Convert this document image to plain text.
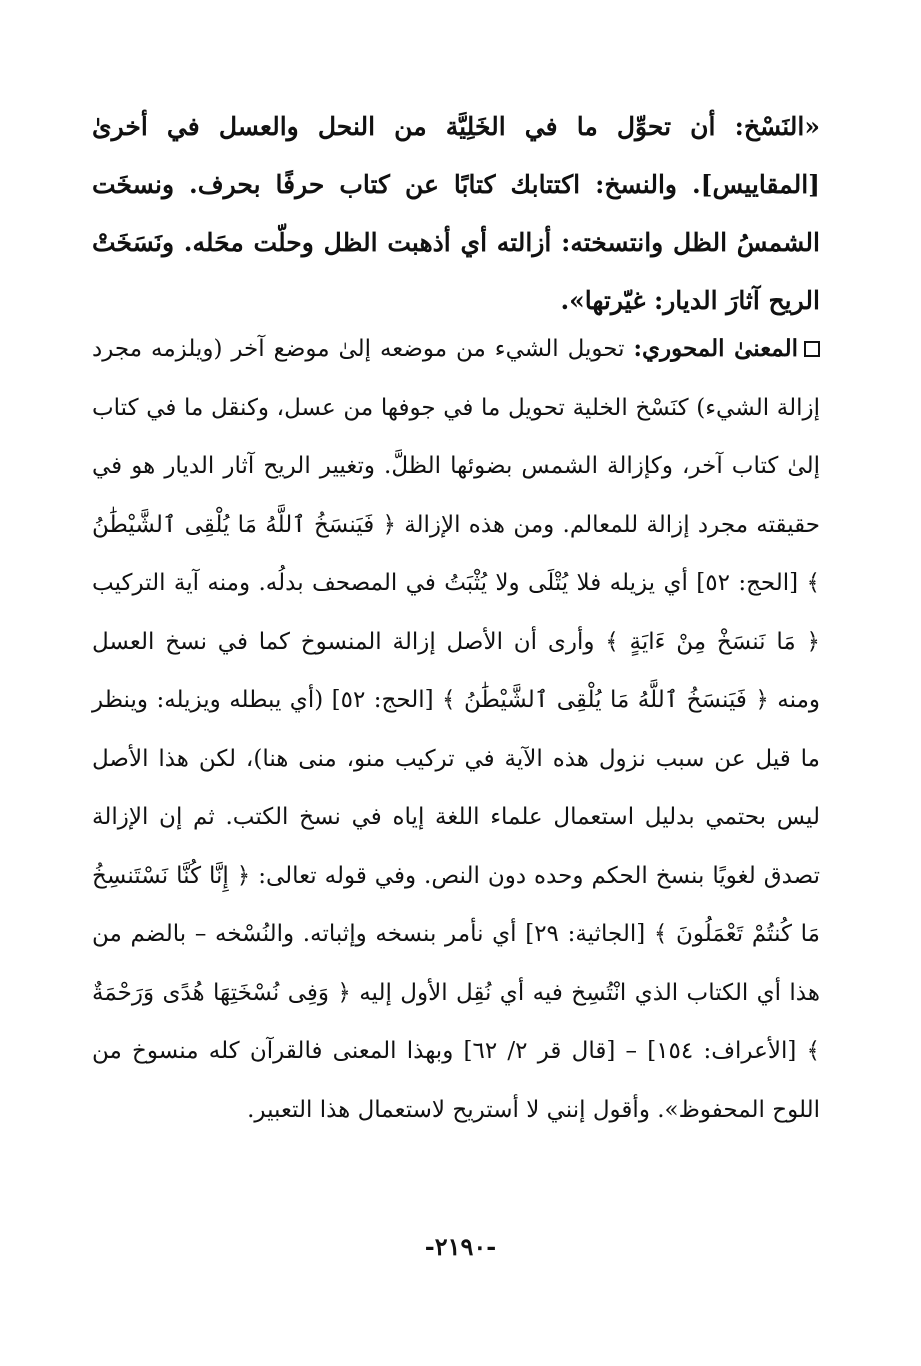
«النَسْخ: أن تحوِّل ما في الخَلِيَّة من النحل والعسل في أخرىٰ [المقاييس]. والنسخ: اكتتابك كتابًا عن كتاب حرفًا بحرف. ونسخَت الشمسُ الظل وانتسخته: أزالته أي أذهبت الظل وحلّت محَله. ونَسَخَتْ الريح آثارَ الديار: غيّرتها».
المعنىٰ المحوري: تحويل الشيء من موضعه إلىٰ موضع آخر (ويلزمه مجرد إزالة الشيء) كنَسْخ الخلية تحويل ما في جوفها من عسل، وكنقل ما في كتاب إلىٰ كتاب آخر، وكإزالة الشمس بضوئها الظلَّ. وتغيير الريح آثار الديار هو في حقيقته مجرد إزالة للمعالم. ومن هذه الإزالة ﴿ فَيَنسَخُ ٱللَّهُ مَا يُلْقِى ٱلشَّيْطَٰنُ ﴾ [الحج: ٥٢] أي يزيله فلا يُتْلَى ولا يُثْبَتُ في المصحف بدلُه. ومنه آية التركيب ﴿ مَا نَنسَخْ مِنْ ءَايَةٍ ﴾ وأرى أن الأصل إزالة المنسوخ كما في نسخ العسل ومنه ﴿ فَيَنسَخُ ٱللَّهُ مَا يُلْقِى ٱلشَّيْطَٰنُ ﴾ [الحج: ٥٢] (أي يبطله ويزيله: وينظر ما قيل عن سبب نزول هذه الآية في تركيب منو، منى هنا)، لكن هذا الأصل ليس بحتمي بدليل استعمال علماء اللغة إياه في نسخ الكتب. ثم إن الإزالة تصدق لغويًا بنسخ الحكم وحده دون النص. وفي قوله تعالى: ﴿ إِنَّا كُنَّا نَسْتَنسِخُ مَا كُنتُمْ تَعْمَلُونَ ﴾ [الجاثية: ٢٩] أي نأمر بنسخه وإثباته. والنُسْخه – بالضم من هذا أي الكتاب الذي انْتُسِخ فيه أي نُقِل الأول إليه ﴿ وَفِى نُسْخَتِهَا هُدًى وَرَحْمَةٌ ﴾ [الأعراف: ١٥٤] – [قال قر ٢/ ٦٢] وبهذا المعنى فالقرآن كله منسوخ من اللوح المحفوظ». وأقول إنني لا أستريح لاستعمال هذا التعبير.
-٢١٩٠-
